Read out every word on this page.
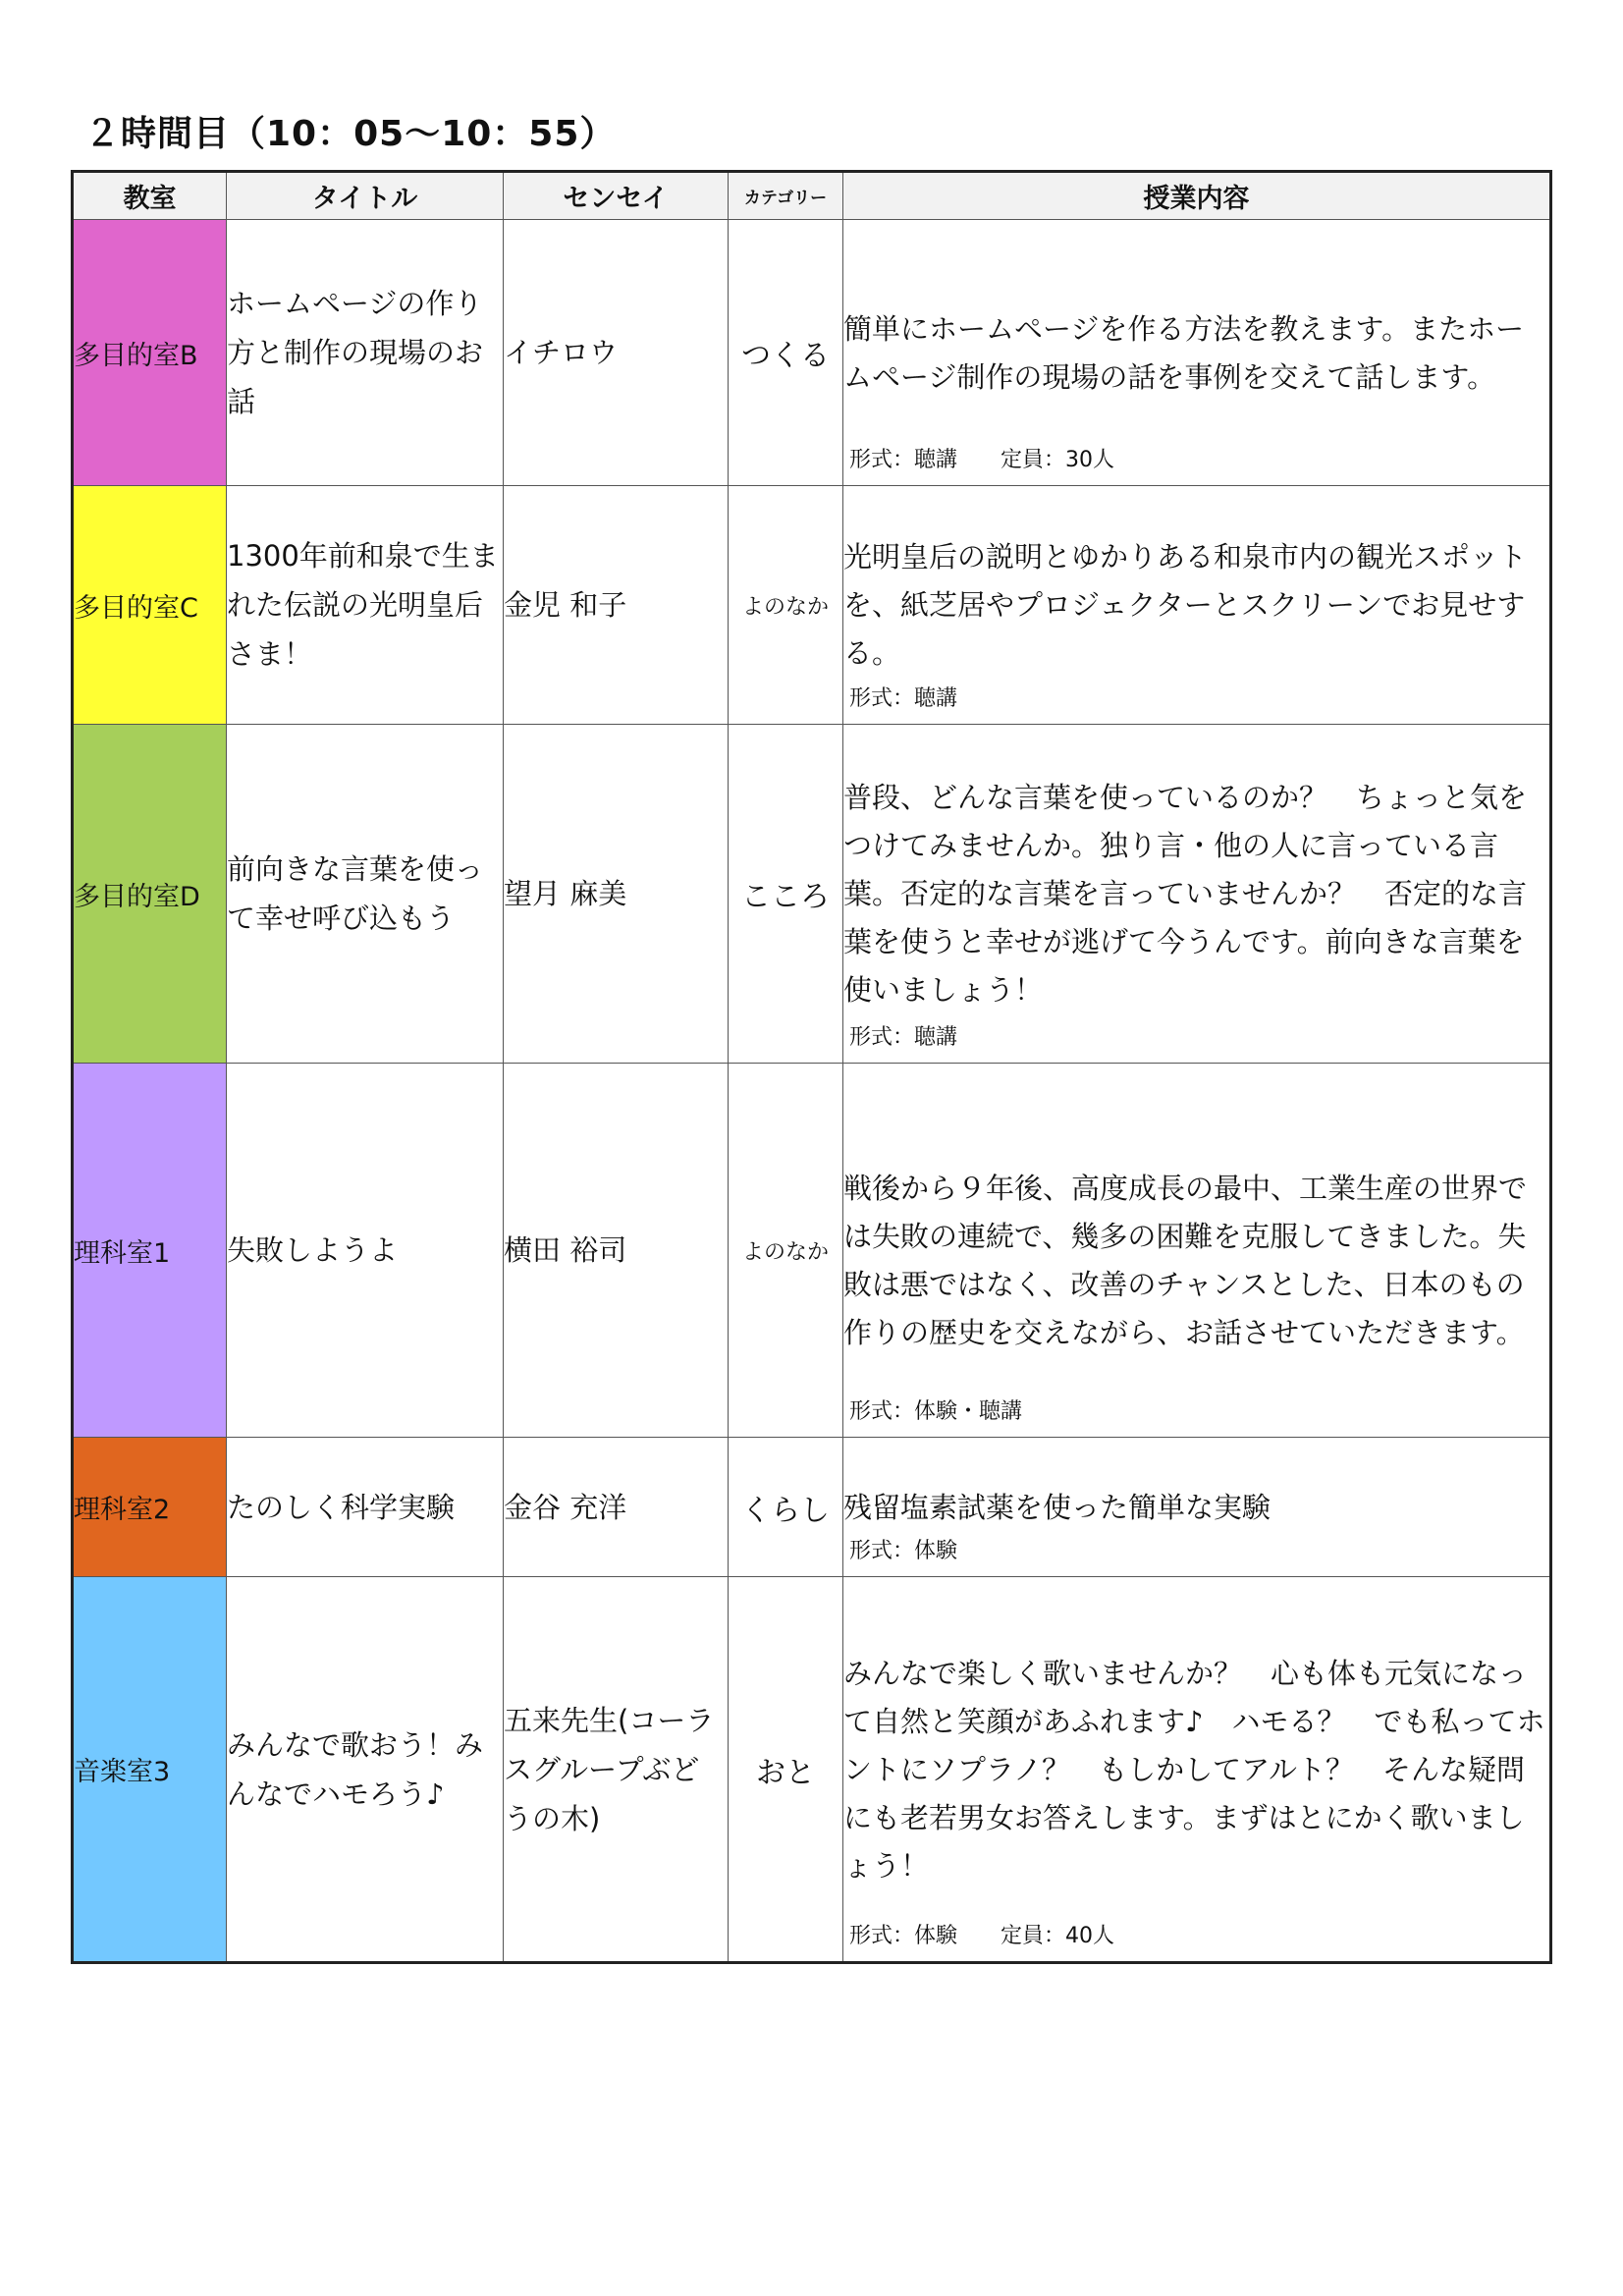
２時間目（10：05〜10：55）
教室	タイトル	センセイ	カテゴリー	授業内容
多目的室B	ホームページの作り方と制作の現場のお話	イチロウ	つくる	簡単にホームページを作る方法を教えます。またホームページ制作の現場の話を事例を交えて話します。
形式：聴講　　定員：30人

多目的室C	1300年前和泉で生まれた伝説の光明皇后さま！	金児 和子	よのなか	光明皇后の説明とゆかりある和泉市内の観光スポットを、紙芝居やプロジェクターとスクリーンでお見せする。
形式：聴講

多目的室D	前向きな言葉を使って幸せ呼び込もう	望月 麻美	こころ	普段、どんな言葉を使っているのか？　ちょっと気をつけてみませんか。独り言・他の人に言っている言葉。否定的な言葉を言っていませんか？　否定的な言葉を使うと幸せが逃げて今うんです。前向きな言葉を使いましょう！
形式：聴講

理科室1	失敗しようよ	横田 裕司	よのなか	戦後から９年後、高度成長の最中、工業生産の世界では失敗の連続で、幾多の困難を克服してきました。失敗は悪ではなく、改善のチャンスとした、日本のもの作りの歴史を交えながら、お話させていただきます。
形式：体験・聴講

理科室2	たのしく科学実験	金谷 充洋	くらし	残留塩素試薬を使った簡単な実験
形式：体験

音楽室3	みんなで歌おう！みんなでハモろう♪	五来先生(コーラスグループぶどうの木)	おと	みんなで楽しく歌いませんか？　心も体も元気になって自然と笑顔があふれます♪　ハモる？　でも私ってホントにソプラノ？　もしかしてアルト？　そんな疑問にも老若男女お答えします。まずはとにかく歌いましょう！
形式：体験　　定員：40人
